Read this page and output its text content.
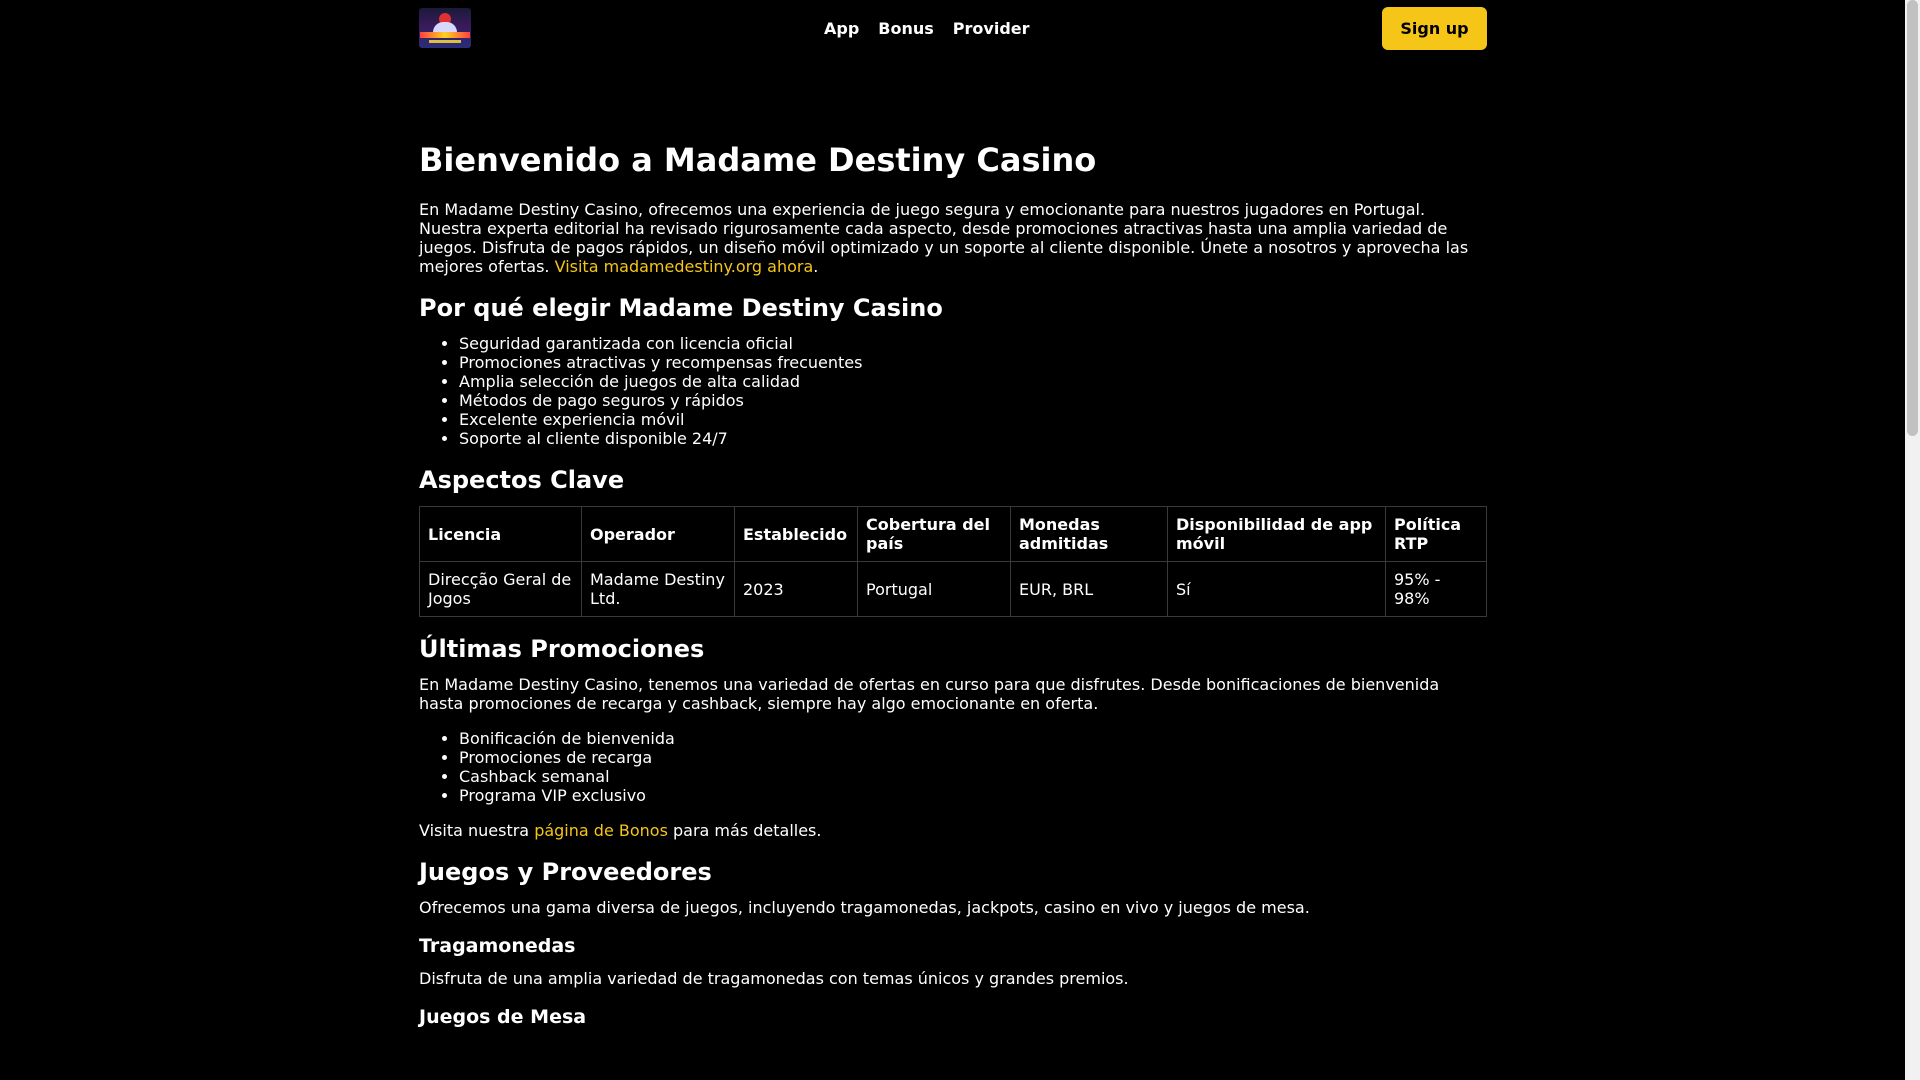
App Bonus Provider	Sign up
Bienvenido a Madame Destiny Casino

En Madame Destiny Casino, ofrecemos una experiencia de juego segura y emocionante para nuestros jugadores en Portugal. Nuestra experta editorial ha revisado rigurosamente cada aspecto, desde promociones atractivas hasta una amplia variedad de juegos. Disfruta de pagos rápidos, un diseño móvil optimizado y un soporte al cliente disponible. Únete a nosotros y aprovecha las mejores ofertas. Visita madamedestiny.org ahora.

Por qué elegir Madame Destiny Casino
• Seguridad garantizada con licencia oficial
• Promociones atractivas y recompensas frecuentes
• Amplia selección de juegos de alta calidad
• Métodos de pago seguros y rápidos
• Excelente experiencia móvil
• Soporte al cliente disponible 24/7
Aspectos Clave
Licencia	Operador	Establecido	Cobertura del país	Monedas admitidas	Disponibilidad de app móvil	Política RTP
Direcção Geral de Jogos	Madame Destiny Ltd.	2023	Portugal	EUR, BRL	Sí	95% - 98%
Últimas Promociones

En Madame Destiny Casino, tenemos una variedad de ofertas en curso para que disfrutes. Desde bonificaciones de bienvenida hasta promociones de recarga y cashback, siempre hay algo emocionante en oferta.

• Bonificación de bienvenida
• Promociones de recarga
• Cashback semanal
• Programa VIP exclusivo

Visita nuestra página de Bonos para más detalles.

Juegos y Proveedores

Ofrecemos una gama diversa de juegos, incluyendo tragamonedas, jackpots, casino en vivo y juegos de mesa.

Tragamonedas

Disfruta de una amplia variedad de tragamonedas con temas únicos y grandes premios.

Juegos de Mesa
